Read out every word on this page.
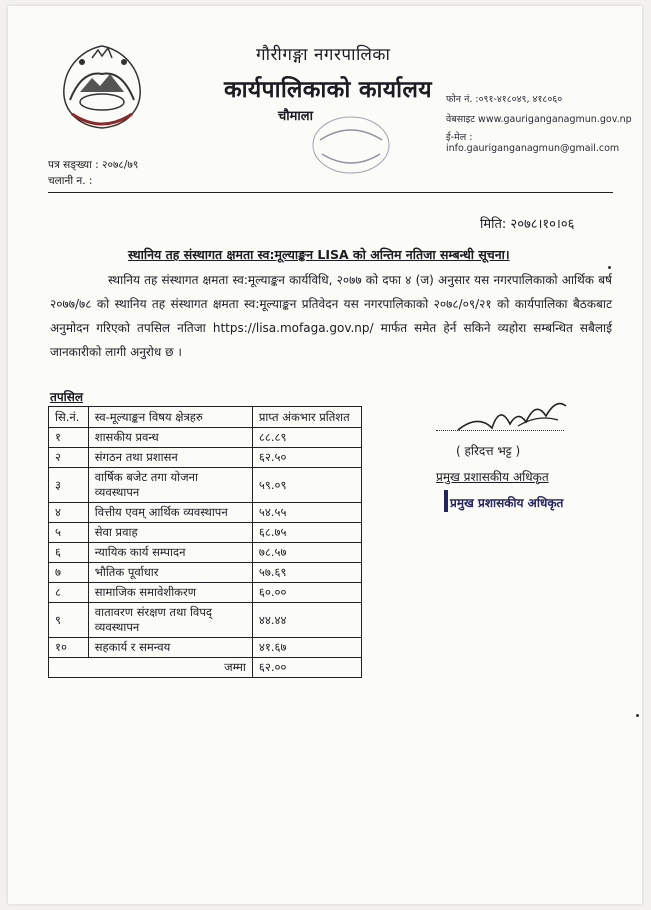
गौरीगङ्गा नगरपालिका
कार्यपालिकाको कार्यालय
चौमाला
फोन नं. :०९१-४१८०४९, ४१८०६०
वेबसाइट www.gauriganganagmun.gov.np
ई-मेल : info.gauriganganagmun@gmail.com
पत्र सङ्ख्या : २०७८/७९
चलानी न. :
मिति: २०७८।१०।०६
स्थानिय तह संस्थागत क्षमता स्व:मूल्याङ्कन LISA को अन्तिम नतिजा सम्बन्धी सूचना।
स्थानिय तह संस्थागत क्षमता स्व:मूल्याङ्कन कार्यविधि, २०७७ को दफा ४ (ज) अनुसार यस नगरपालिकाको आर्थिक बर्ष २०७७/७८ को स्थानिय तह संस्थागत क्षमता स्व:मूल्याङ्कन प्रतिवेदन यस नगरपालिकाको २०७८/०९/२१ को कार्यपालिका बैठकबाट अनुमोदन गरिएको तपसिल नतिजा https://lisa.mofaga.gov.np/ मार्फत समेत हेर्न सकिने व्यहोरा सम्बन्धित सबैलाई जानकारीको लागी अनुरोध छ ।
तपसिल
सि.नं.	स्व-मूल्याङ्कन विषय क्षेत्रहरु	प्राप्त अंकभार प्रतिशत
१	शासकीय प्रवन्ध	८८.८९
२	संगठन तथा प्रशासन	६२.५०
३	वार्षिक बजेट तगा योजना व्यवस्थापन	५९.०९
४	वित्तीय एवम् आर्थिक व्यवस्थापन	५४.५५
५	सेवा प्रवाह	६८.७५
६	न्यायिक कार्य सम्पादन	७८.५७
७	भौतिक पूर्वाधार	५७.६९
८	सामाजिक समावेशीकरण	६०.००
९	वातावरण संरक्षण तथा विपद् व्यवस्थापन	४४.४४
१०	सहकार्य र समन्वय	४१.६७
जम्मा		६२.००
( हरिदत्त भट्ट )
प्रमुख प्रशासकीय अधिकृत
प्रमुख प्रशासकीय अधिकृत
